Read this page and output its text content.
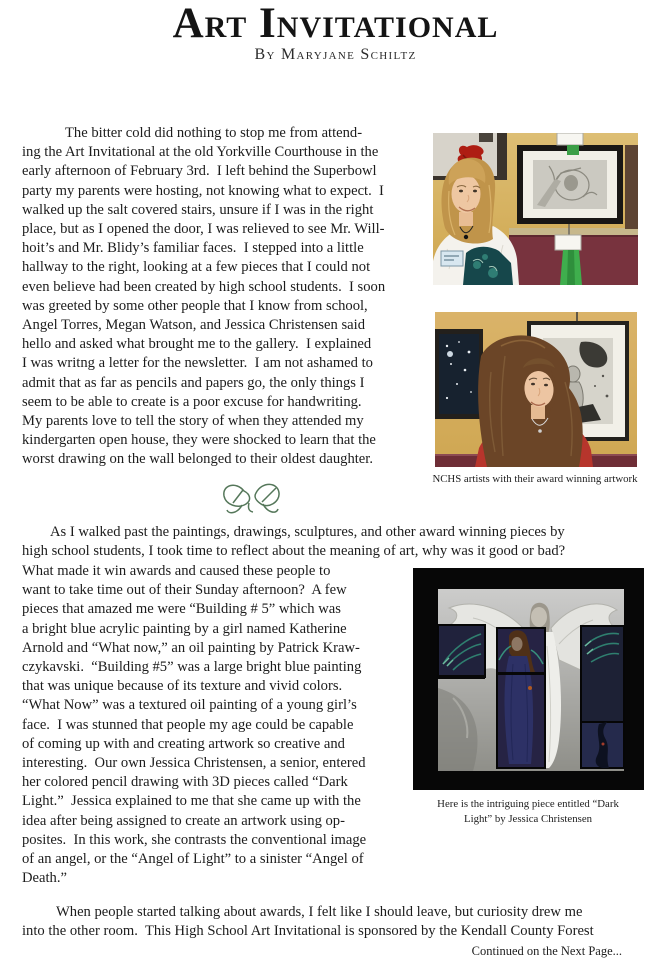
Art Invitational
By Maryjane Schiltz
The bitter cold did nothing to stop me from attend-
ing the Art Invitational at the old Yorkville Courthouse in the
early afternoon of February 3rd.  I left behind the Superbowl
party my parents were hosting, not knowing what to expect.  I
walked up the salt covered stairs, unsure if I was in the right
place, but as I opened the door, I was relieved to see Mr. Will-
hoit’s and Mr. Blidy’s familiar faces.  I stepped into a little
hallway to the right, looking at a few pieces that I could not
even believe had been created by high school students.  I soon
was greeted by some other people that I know from school,
Angel Torres, Megan Watson, and Jessica Christensen said
hello and asked what brought me to the gallery.  I explained
I was writng a letter for the newsletter.  I am not ashamed to
admit that as far as pencils and papers go, the only things I
seem to be able to create is a poor excuse for handwriting.
My parents love to tell the story of when they attended my
kindergarten open house, they were shocked to learn that the
worst drawing on the wall belonged to their oldest daughter.
NCHS artists with their award winning artwork
As I walked past the paintings, drawings, sculptures, and other award winning pieces by
high school students, I took time to reflect about the meaning of art, why was it good or bad?
What made it win awards and caused these people to
want to take time out of their Sunday afternoon?  A few
pieces that amazed me were “Building # 5” which was
a bright blue acrylic painting by a girl named Katherine
Arnold and “What now,” an oil painting by Patrick Kraw-
czykavski.  “Building #5” was a large bright blue painting
that was unique because of its texture and vivid colors.
“What Now” was a textured oil painting of a young girl’s
face.  I was stunned that people my age could be capable
of coming up with and creating artwork so creative and
interesting.  Our own Jessica Christensen, a senior, entered
her colored pencil drawing with 3D pieces called “Dark
Light.”  Jessica explained to me that she came up with the
idea after being assigned to create an artwork using op-
posites.  In this work, she contrasts the conventional image
of an angel, or the “Angel of Light” to a sinister “Angel of
Death.”
Here is the intriguing piece entitled “Dark
Light” by Jessica Christensen
When people started talking about awards, I felt like I should leave, but curiosity drew me
into the other room.  This High School Art Invitational is sponsored by the Kendall County Forest
Continued on the Next Page...
